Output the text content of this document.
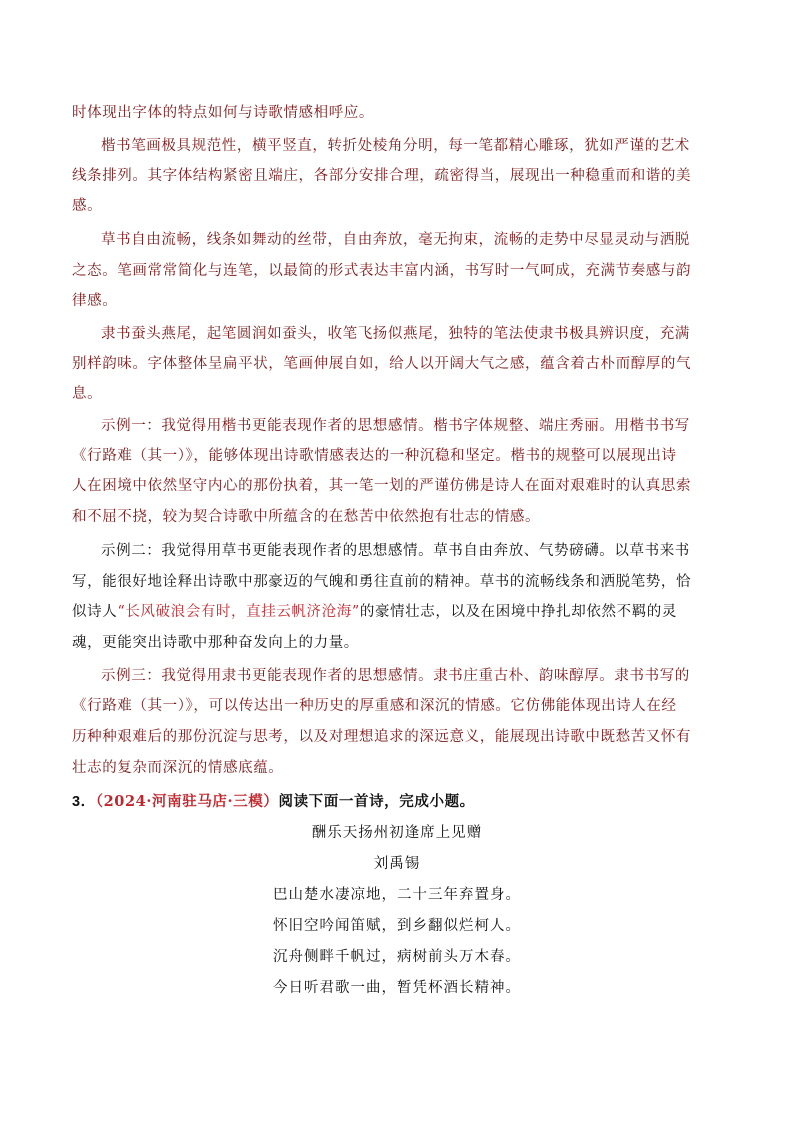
时体现出字体的特点如何与诗歌情感相呼应。
楷书笔画极具规范性，横平竖直，转折处棱角分明，每一笔都精心雕琢，犹如严谨的艺术
线条排列。其字体结构紧密且端庄，各部分安排合理，疏密得当，展现出一种稳重而和谐的美
感。
草书自由流畅，线条如舞动的丝带，自由奔放，毫无拘束，流畅的走势中尽显灵动与洒脱
之态。笔画常常简化与连笔，以最简的形式表达丰富内涵，书写时一气呵成，充满节奏感与韵
律感。
隶书蚕头燕尾，起笔圆润如蚕头，收笔飞扬似燕尾，独特的笔法使隶书极具辨识度，充满
别样韵味。字体整体呈扁平状，笔画伸展自如，给人以开阔大气之感，蕴含着古朴而醇厚的气
息。
示例一：我觉得用楷书更能表现作者的思想感情。楷书字体规整、端庄秀丽。用楷书书写
《行路难（其一）》，能够体现出诗歌情感表达的一种沉稳和坚定。楷书的规整可以展现出诗
人在困境中依然坚守内心的那份执着，其一笔一划的严谨仿佛是诗人在面对艰难时的认真思索
和不屈不挠，较为契合诗歌中所蕴含的在愁苦中依然抱有壮志的情感。
示例二：我觉得用草书更能表现作者的思想感情。草书自由奔放、气势磅礴。以草书来书
写，能很好地诠释出诗歌中那豪迈的气魄和勇往直前的精神。草书的流畅线条和洒脱笔势，恰
似诗人“长风破浪会有时，直挂云帆济沧海”的豪情壮志，以及在困境中挣扎却依然不羁的灵
魂，更能突出诗歌中那种奋发向上的力量。
示例三：我觉得用隶书更能表现作者的思想感情。隶书庄重古朴、韵味醇厚。隶书书写的
《行路难（其一）》，可以传达出一种历史的厚重感和深沉的情感。它仿佛能体现出诗人在经
历种种艰难后的那份沉淀与思考，以及对理想追求的深远意义，能展现出诗歌中既愁苦又怀有
壮志的复杂而深沉的情感底蕴。
3．（2024·河南驻马店·三模）阅读下面一首诗，完成小题。
酬乐天扬州初逢席上见赠
刘禹锡
巴山楚水凄凉地，二十三年弃置身。
怀旧空吟闻笛赋，到乡翻似烂柯人。
沉舟侧畔千帆过，病树前头万木春。
今日听君歌一曲，暂凭杯酒长精神。
